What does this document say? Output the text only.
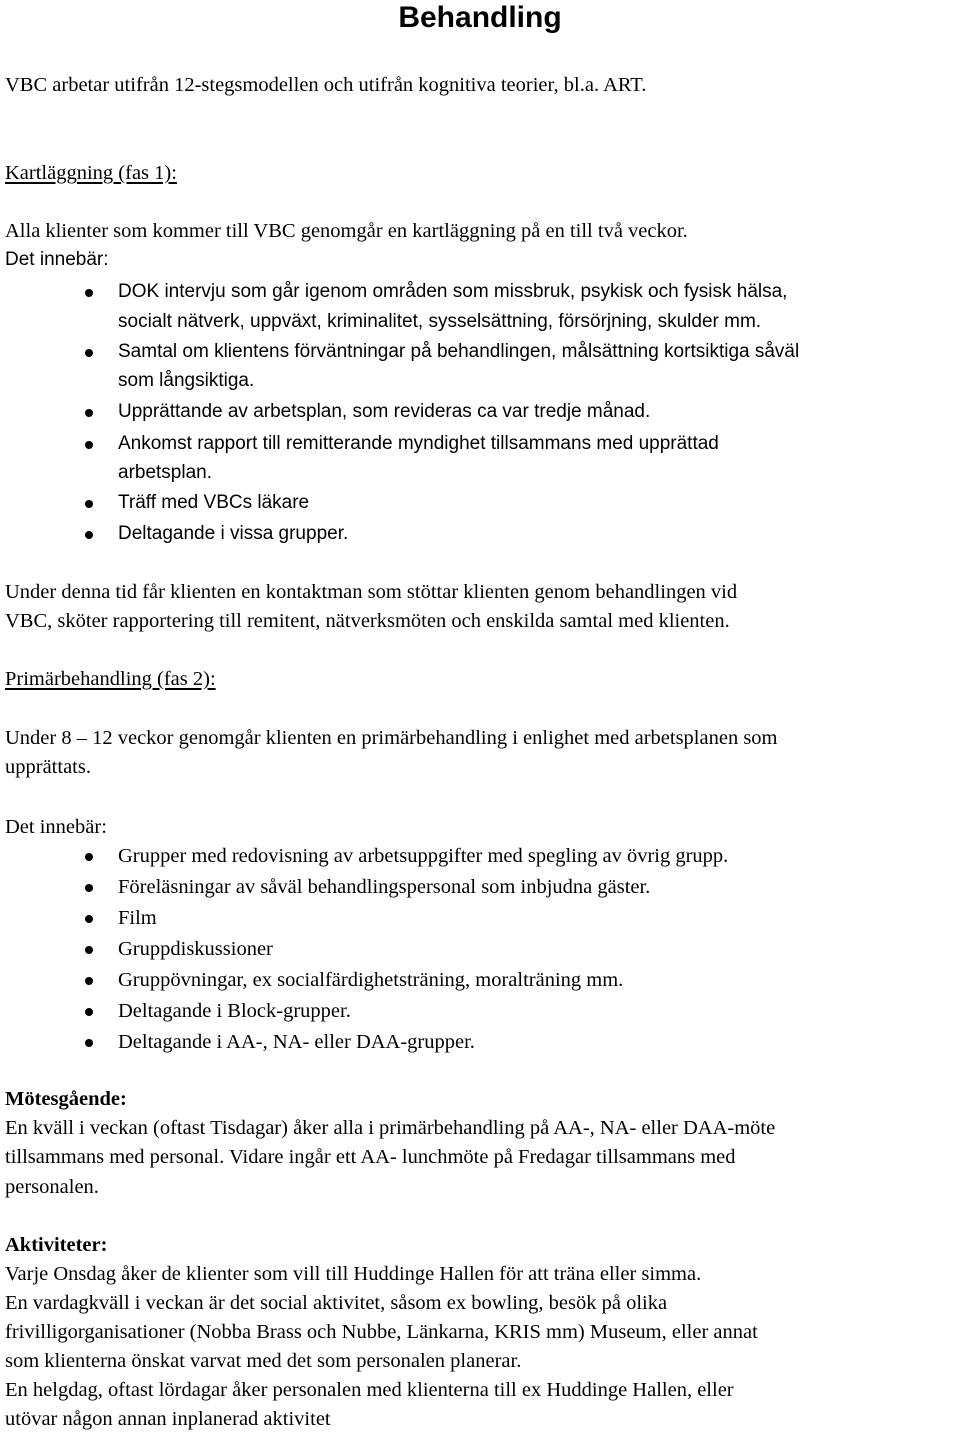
Behandling
VBC arbetar utifrån 12-stegsmodellen och utifrån kognitiva teorier, bl.a. ART.
Kartläggning (fas 1):
Alla klienter som kommer till VBC genomgår en kartläggning på en till två veckor.
Det innebär:
DOK intervju som går igenom områden som missbruk, psykisk och fysisk hälsa,
socialt nätverk, uppväxt, kriminalitet, sysselsättning, försörjning, skulder mm.
Samtal om klientens förväntningar på behandlingen, målsättning kortsiktiga såväl
som långsiktiga.
Upprättande av arbetsplan, som revideras ca var tredje månad.
Ankomst rapport till remitterande myndighet tillsammans med upprättad
arbetsplan.
Träff med VBCs läkare
Deltagande i vissa grupper.
Under denna tid får klienten en kontaktman som stöttar klienten genom behandlingen vid
VBC, sköter rapportering till remitent, nätverksmöten och enskilda samtal med klienten.
Primärbehandling (fas 2):
Under 8 – 12 veckor genomgår klienten en primärbehandling i enlighet med arbetsplanen som
upprättats.
Det innebär:
Grupper med redovisning av arbetsuppgifter med spegling av övrig grupp.
Föreläsningar av såväl behandlingspersonal som inbjudna gäster.
Film
Gruppdiskussioner
Gruppövningar, ex socialfärdighetsträning, moralträning mm.
Deltagande i Block-grupper.
Deltagande i AA-, NA- eller DAA-grupper.
Mötesgående:
En kväll i veckan (oftast Tisdagar) åker alla i primärbehandling på AA-, NA- eller DAA-möte
tillsammans med personal. Vidare ingår ett AA- lunchmöte på Fredagar tillsammans med
personalen.
Aktiviteter:
Varje Onsdag åker de klienter som vill till Huddinge Hallen för att träna eller simma.
En vardagkväll i veckan är det social aktivitet, såsom ex bowling, besök på olika
frivilligorganisationer (Nobba Brass och Nubbe, Länkarna, KRIS mm) Museum, eller annat
som klienterna önskat varvat med det som personalen planerar.
En helgdag, oftast lördagar åker personalen med klienterna till ex Huddinge Hallen, eller
utövar någon annan inplanerad aktivitet
